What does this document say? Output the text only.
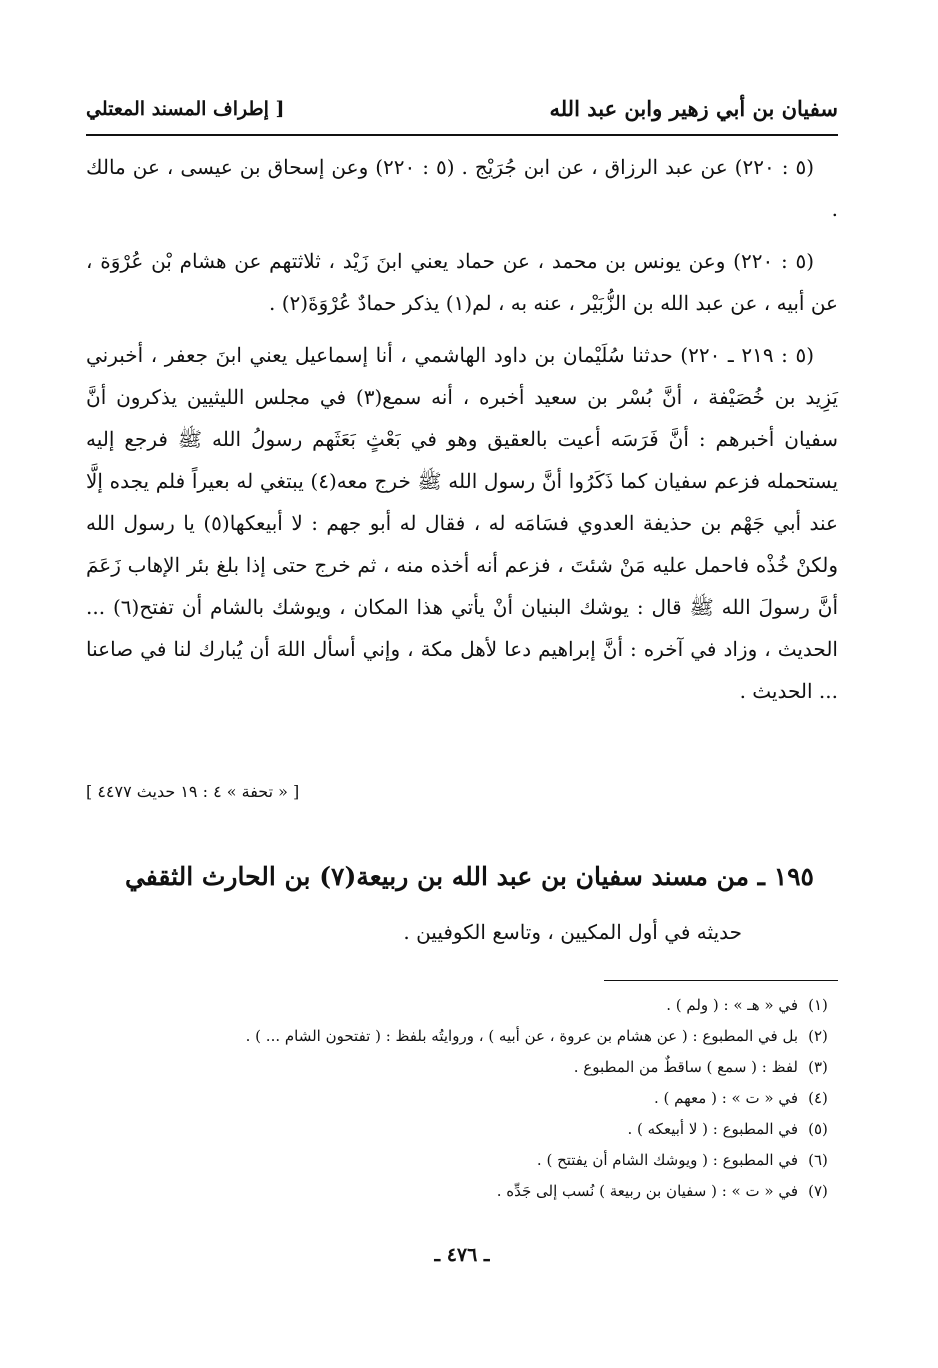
سفيان بن أبي زهير وابن عبد الله
[ إطراف المسند المعتلي

(٥ : ٢٢٠) عن عبد الرزاق ، عن ابن جُرَيْج . (٥ : ٢٢٠) وعن إسحاق بن عيسى ، عن مالك .

(٥ : ٢٢٠) وعن يونس بن محمد ، عن حماد يعني ابنَ زَيْد ، ثلاثتهم عن هشام بْن عُرْوَة ، عن أبيه ، عن عبد الله بن الزُّبَيْر ، عنه به ، لم(١) يذكر حمادٌ عُرْوَةَ(٢) .

(٥ : ٢١٩ ـ ٢٢٠) حدثنا سُلَيْمان بن داود الهاشمي ، أنا إسماعيل يعني ابنَ جعفر ، أخبرني يَزِيد بن خُصَيْفة ، أنَّ بُسْر بن سعيد أخبره ، أنه سمع(٣) في مجلس الليثيين يذكرون أنَّ سفيان أخبرهم : أنَّ فَرَسَه أعيت بالعقيق وهو في بَعْثٍ بَعَثَهم رسولُ الله ﷺ فرجع إليه يستحمله فزعم سفيان كما ذَكَرُوا أنَّ رسول الله ﷺ خرج معه(٤) يبتغي له بعيراً فلم يجده إلَّا عند أبي جَهْم بن حذيفة العدوي فسَامَه له ، فقال له أبو جهم : لا أبيعكها(٥) يا رسول الله ولكنْ خُذْه فاحمل عليه مَنْ شئتَ ، فزعم أنه أخذه منه ، ثم خرج حتى إذا بلغ بئر الإهاب زَعَمَ أنَّ رسولَ الله ﷺ قال : يوشك البنيان أنْ يأتي هذا المكان ، ويوشك بالشام أن تفتح(٦) ... الحديث ، وزاد في آخره : أنَّ إبراهيم دعا لأهل مكة ، وإني أسأل اللهَ أن يُبارك لنا في صاعنا ... الحديث .

[ « تحفة » ٤ : ١٩ حديث ٤٤٧٧ ]
١٩٥ ـ من مسند سفيان بن عبد الله بن ربيعة(٧) بن الحارث الثقفي
حديثه في أول المكيين ، وتاسع الكوفيين .
(١)
في « هـ » : ( ولم ) .
(٢)
بل في المطبوع : ( عن هشام بن عروة ، عن أبيه ) ، وروايتُه بلفظ : ( تفتحون الشام ... ) .
(٣)
لفظ : ( سمع ) ساقطٌ من المطبوع .
(٤)
في « ت » : ( معهم ) .
(٥)
في المطبوع : ( لا أبيعكه ) .
(٦)
في المطبوع : ( ويوشك الشام أن يفتتح ) .
(٧)
في « ت » : ( سفيان بن ربيعة ) نُسب إلى جَدِّه .
ـ ٤٧٦ ـ
